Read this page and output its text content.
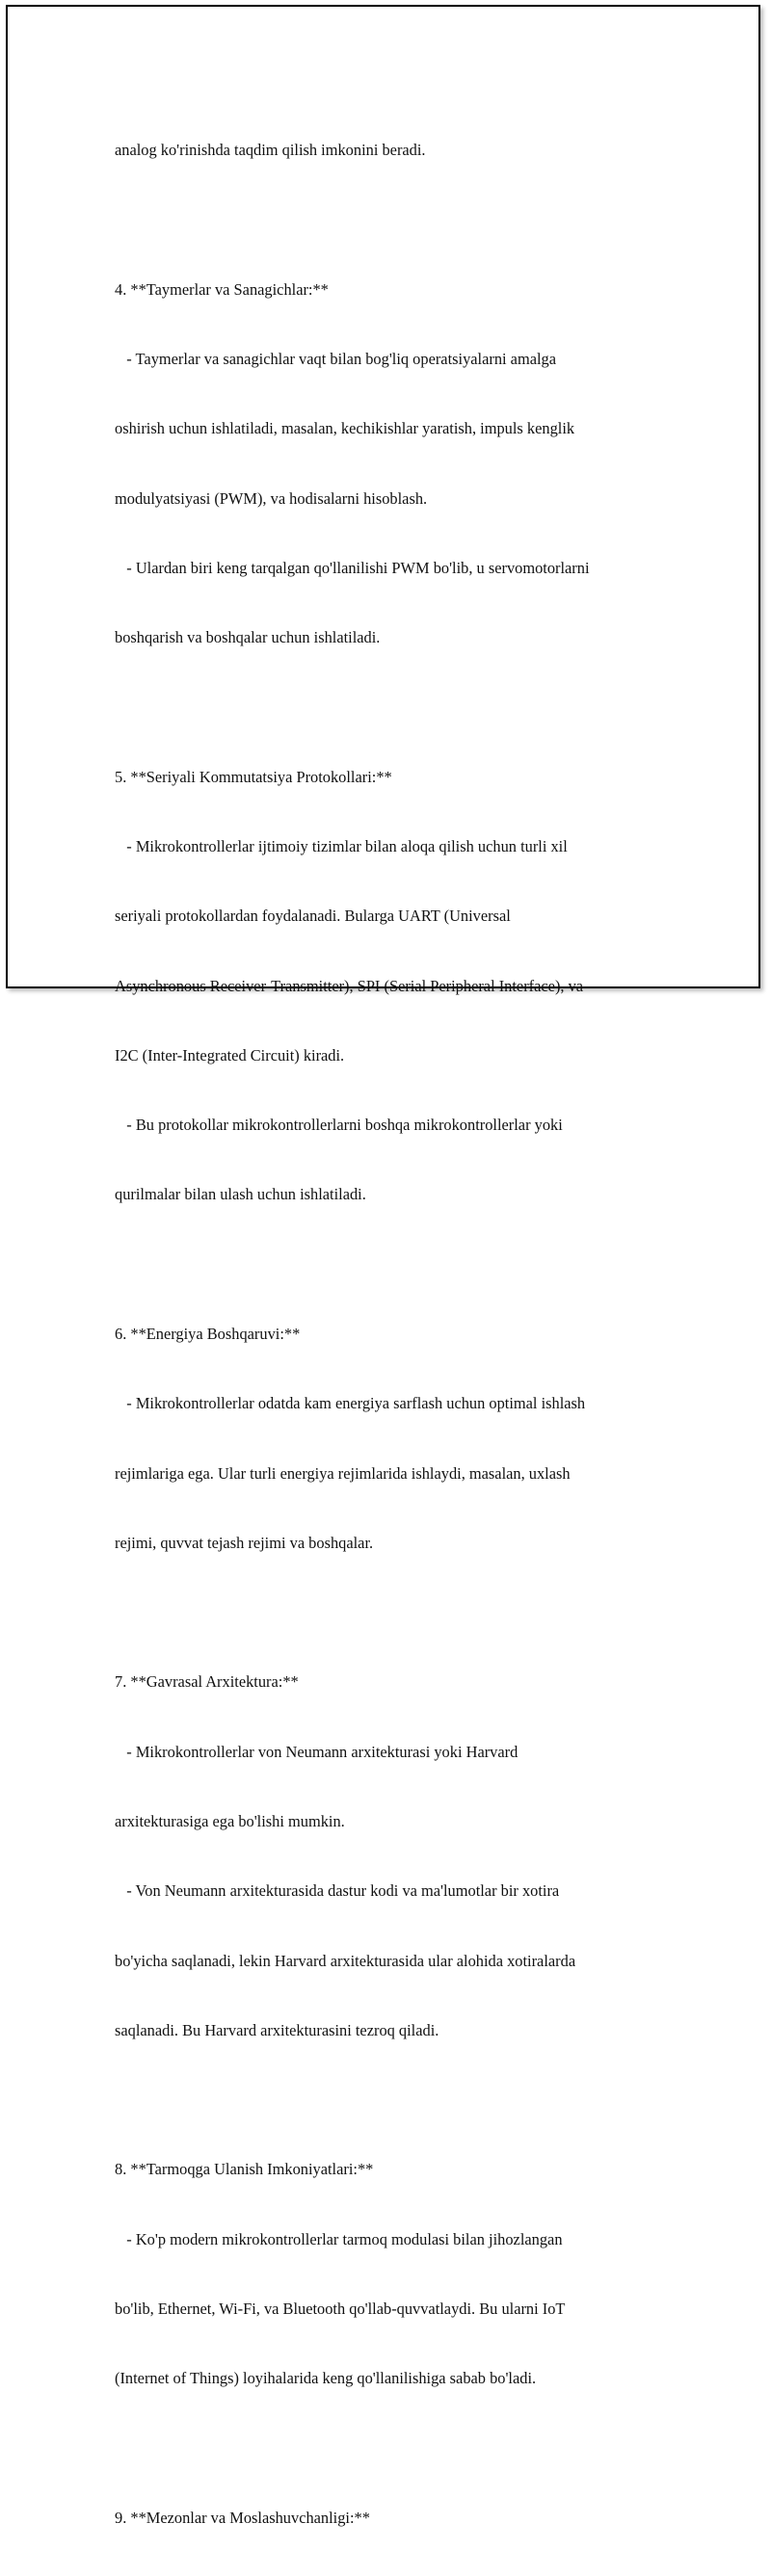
analog ko'rinishda taqdim qilish imkonini beradi.

4. **Taymerlar va Sanagichlar:**

- Taymerlar va sanagichlar vaqt bilan bog'liq operatsiyalarni amalga

oshirish uchun ishlatiladi, masalan, kechikishlar yaratish, impuls kenglik

modulyatsiyasi (PWM), va hodisalarni hisoblash.

- Ulardan biri keng tarqalgan qo'llanilishi PWM bo'lib, u servomotorlarni

boshqarish va boshqalar uchun ishlatiladi.

5. **Seriyali Kommutatsiya Protokollari:**

- Mikrokontrollerlar ijtimoiy tizimlar bilan aloqa qilish uchun turli xil

seriyali protokollardan foydalanadi. Bularga UART (Universal

Asynchronous Receiver-Transmitter), SPI (Serial Peripheral Interface), va

I2C (Inter-Integrated Circuit) kiradi.

- Bu protokollar mikrokontrollerlarni boshqa mikrokontrollerlar yoki

qurilmalar bilan ulash uchun ishlatiladi.

6. **Energiya Boshqaruvi:**

- Mikrokontrollerlar odatda kam energiya sarflash uchun optimal ishlash

rejimlariga ega. Ular turli energiya rejimlarida ishlaydi, masalan, uxlash

rejimi, quvvat tejash rejimi va boshqalar.

7. **Gavrasal Arxitektura:**

- Mikrokontrollerlar von Neumann arxitekturasi yoki Harvard

arxitekturasiga ega bo'lishi mumkin.

- Von Neumann arxitekturasida dastur kodi va ma'lumotlar bir xotira

bo'yicha saqlanadi, lekin Harvard arxitekturasida ular alohida xotiralarda

saqlanadi. Bu Harvard arxitekturasini tezroq qiladi.

8. **Tarmoqga Ulanish Imkoniyatlari:**

- Ko'p modern mikrokontrollerlar tarmoq modulasi bilan jihozlangan

bo'lib, Ethernet, Wi-Fi, va Bluetooth qo'llab-quvvatlaydi. Bu ularni IoT

(Internet of Things) loyihalarida keng qo'llanilishiga sabab bo'ladi.

9. **Mezonlar va Moslashuvchanligi:**
